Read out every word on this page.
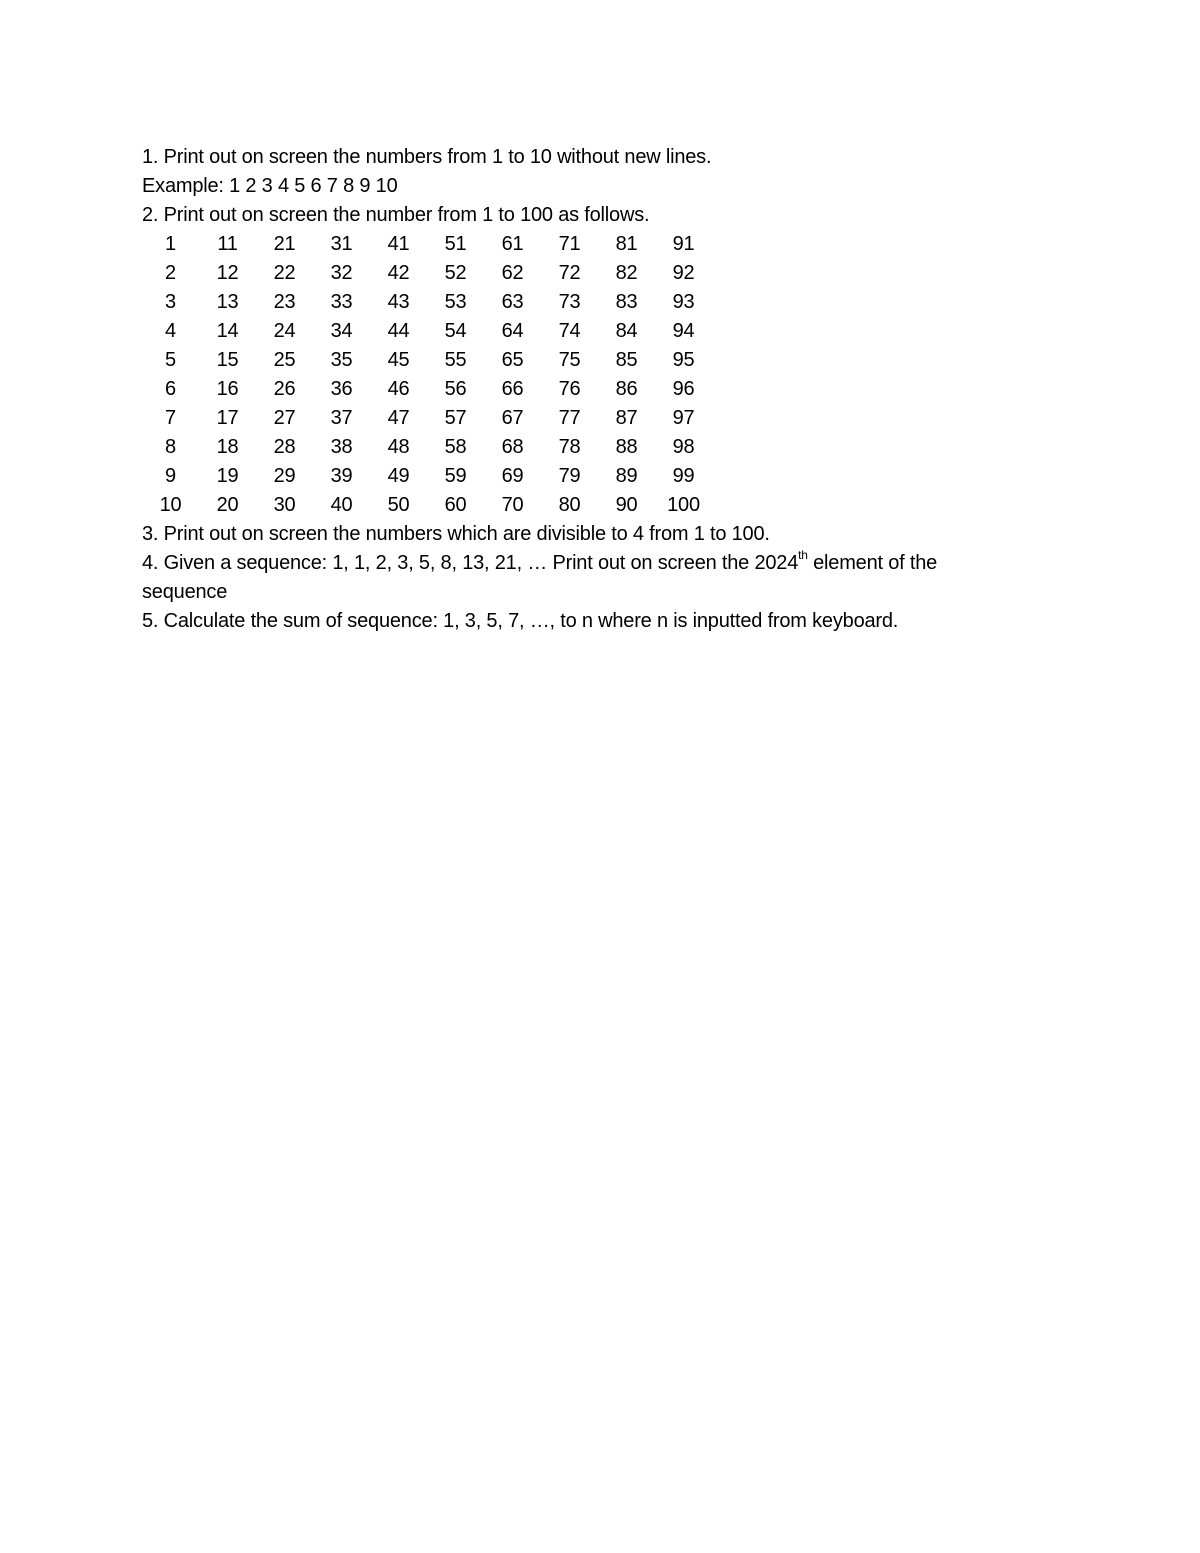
1. Print out on screen the numbers from 1 to 10 without new lines.

Example: 1 2 3 4 5 6 7 8 9 10

2. Print out on screen the number from 1 to 100 as follows.

1	11	21	31	41	51	61	71	81	91
2	12	22	32	42	52	62	72	82	92
3	13	23	33	43	53	63	73	83	93
4	14	24	34	44	54	64	74	84	94
5	15	25	35	45	55	65	75	85	95
6	16	26	36	46	56	66	76	86	96
7	17	27	37	47	57	67	77	87	97
8	18	28	38	48	58	68	78	88	98
9	19	29	39	49	59	69	79	89	99
10	20	30	40	50	60	70	80	90	100

3. Print out on screen the numbers which are divisible to 4 from 1 to 100.

4. Given a sequence: 1, 1, 2, 3, 5, 8, 13, 21, … Print out on screen the 2024th element of the

sequence

5. Calculate the sum of sequence: 1, 3, 5, 7, …, to n where n is inputted from keyboard.
